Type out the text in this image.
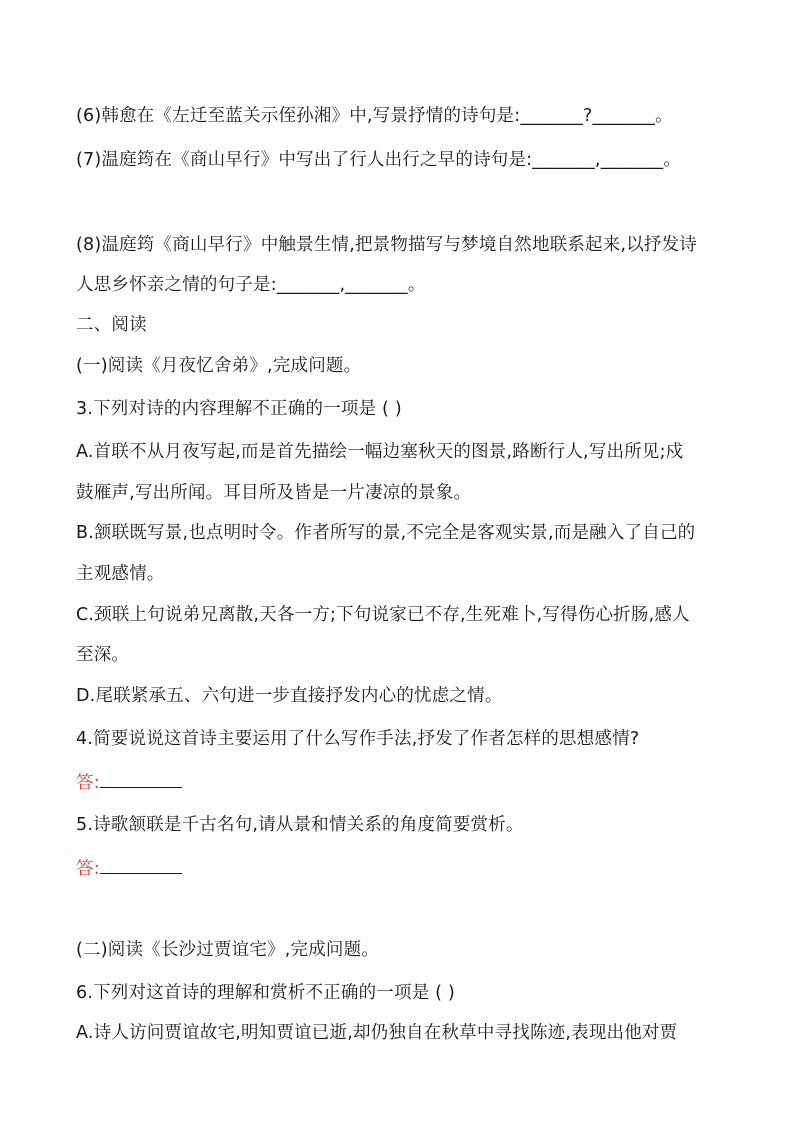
(6)韩愈在《左迁至蓝关示侄孙湘》中,写景抒情的诗句是:_______?_______。
(7)温庭筠在《商山早行》中写出了行人出行之早的诗句是:_______,_______。
(8)温庭筠《商山早行》中触景生情,把景物描写与梦境自然地联系起来,以抒发诗
人思乡怀亲之情的句子是:_______,_______。
二、阅读
(一)阅读《月夜忆舍弟》,完成问题。
3.下列对诗的内容理解不正确的一项是 ( )
A.首联不从月夜写起,而是首先描绘一幅边塞秋天的图景,路断行人,写出所见;戍
鼓雁声,写出所闻。耳目所及皆是一片凄凉的景象。
B.颔联既写景,也点明时令。作者所写的景,不完全是客观实景,而是融入了自己的
主观感情。
C.颈联上句说弟兄离散,天各一方;下句说家已不存,生死难卜,写得伤心折肠,感人
至深。
D.尾联紧承五、六句进一步直接抒发内心的忧虑之情。
4.简要说说这首诗主要运用了什么写作手法,抒发了作者怎样的思想感情?
答:
5.诗歌颔联是千古名句,请从景和情关系的角度简要赏析。
答:
(二)阅读《长沙过贾谊宅》,完成问题。
6.下列对这首诗的理解和赏析不正确的一项是 ( )
A.诗人访问贾谊故宅,明知贾谊已逝,却仍独自在秋草中寻找陈迹,表现出他对贾
